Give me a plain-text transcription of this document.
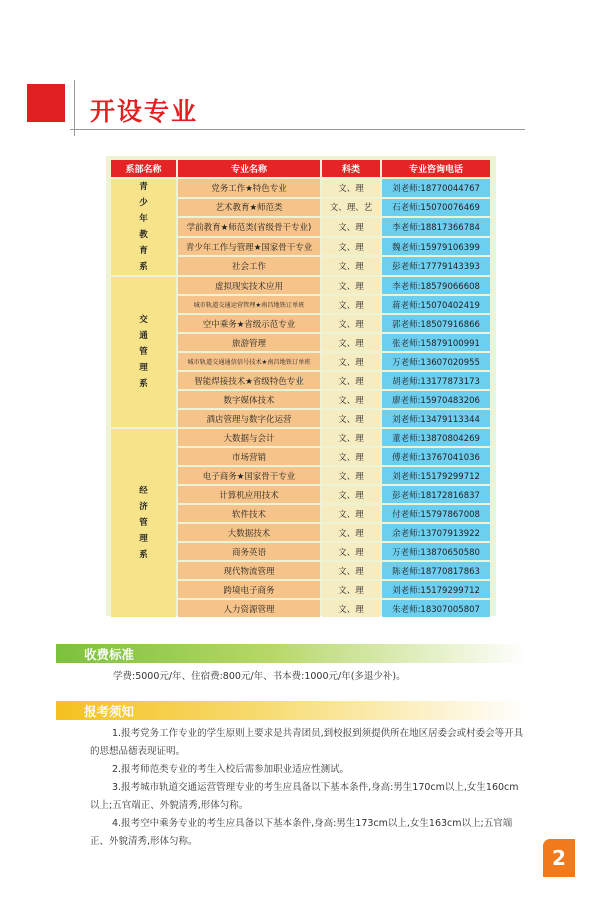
开设专业
系部名称	专业名称	科类	专业咨询电话
青少年教育系	党务工作★特色专业	文、理	刘老师:18770044767
	艺术教育★师范类	文、理、艺	石老师:15070076469
	学前教育★师范类(省级骨干专业)	文、理	李老师:18817366784
	青少年工作与管理★国家骨干专业	文、理	魏老师:15979106399
	社会工作	文、理	彭老师:17779143393
交通管理系	虚拟现实技术应用	文、理	李老师:18579066608
	城市轨道交通运营管理★南昌地铁订单班	文、理	蒋老师:15070402419
	空中乘务★省级示范专业	文、理	郭老师:18507916866
	旅游管理	文、理	张老师:15879100991
	城市轨道交通通信信号技术★南昌地铁订单班	文、理	万老师:13607020955
	智能焊接技术★省级特色专业	文、理	胡老师:13177873173
	数字媒体技术	文、理	廖老师:15970483206
	酒店管理与数字化运营	文、理	刘老师:13479113344
经济管理系	大数据与会计	文、理	董老师:13870804269
	市场营销	文、理	傅老师:13767041036
	电子商务★国家骨干专业	文、理	刘老师:15179299712
	计算机应用技术	文、理	彭老师:18172816837
	软件技术	文、理	付老师:15797867008
	大数据技术	文、理	余老师:13707913922
	商务英语	文、理	万老师:13870650580
	现代物流管理	文、理	陈老师:18770817863
	跨境电子商务	文、理	刘老师:15179299712
	人力资源管理	文、理	朱老师:18307005807
收费标准
学费:5000元/年、住宿费:800元/年、书本费:1000元/年(多退少补)。
报考须知

1.报考党务工作专业的学生原则上要求是共青团员,到校报到须提供所在地区居委会或村委会等开具的思想品德表现证明。

2.报考师范类专业的考生入校后需参加职业适应性测试。

3.报考城市轨道交通运营管理专业的考生应具备以下基本条件,身高:男生170cm以上,女生160cm以上;五官端正、外貌清秀,形体匀称。

4.报考空中乘务专业的考生应具备以下基本条件,身高:男生173cm以上,女生163cm以上;五官端正、外貌清秀,形体匀称。

2
